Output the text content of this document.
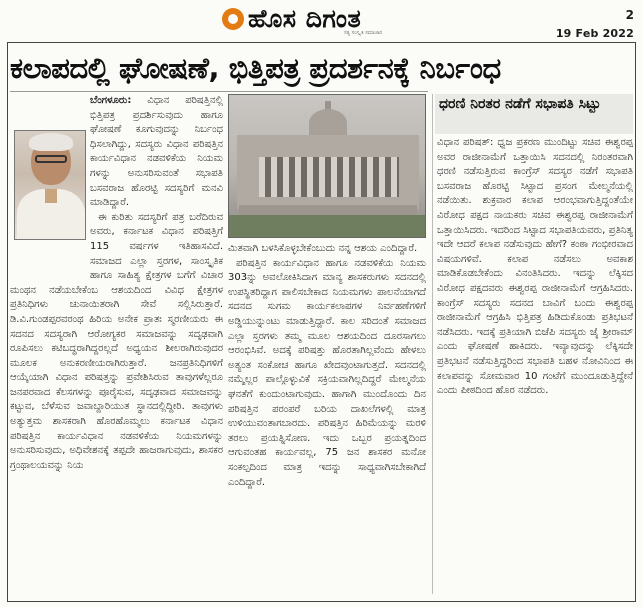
ಹೊಸ ದಿಗಂತ
ಸತ್ಯ ಸಂಸ್ಕೃತಿ ಸಮಾಚಾರ
2
19 Feb 2022
ಕಲಾಪದಲ್ಲಿ ಘೋಷಣೆ, ಭಿತ್ತಿಪತ್ರ ಪ್ರದರ್ಶನಕ್ಕೆ ನಿರ್ಬಂಧ

ಬೆಂಗಳೂರು: ವಿಧಾನ ಪರಿಷತ್ತಿನಲ್ಲಿ ಭಿತ್ತಿಪತ್ರ ಪ್ರದರ್ಶಿಸುವುದು ಹಾಗೂ ಘೋಷಣೆ ಕೂಗುವುದನ್ನು ನಿರ್ಬಂಧ ಧಿಸಲಾಗಿದ್ದು, ಸದಸ್ಯರು ವಿಧಾನ ಪರಿಷತ್ತಿನ ಕಾರ್ಯವಿಧಾನ ನಡವಳಿಕೆಯ ನಿಯಮ ಗಳನ್ನು ಅನುಸರಿಸುವಂತೆ ಸಭಾಪತಿ ಬಸವರಾಜ ಹೊರಟ್ಟಿ ಸದಸ್ಯರಿಗೆ ಮನವಿ ಮಾಡಿದ್ದಾರೆ.

ಈ ಕುರಿತು ಸದಸ್ಯರಿಗೆ ಪತ್ರ ಬರೆದಿರುವ ಅವರು, ಕರ್ನಾಟಕ ವಿಧಾನ ಪರಿಷತ್ತಿಗೆ 115 ವರ್ಷಗಳ ಇತಿಹಾಸವಿದೆ. ಸಮಾಜದ ಎಲ್ಲಾ ಸ್ತರಗಳ, ಸಾಂಸ್ಕೃತಿಕ ಹಾಗೂ ಸಾಹಿತ್ಯ ಕ್ಷೇತ್ರಗಳ ಬಗೆಗೆ ವಿಚಾರ ಮಂಥನ ನಡೆಯಬೇಕೆಂಬ ಆಶಯದಿಂದ ವಿವಿಧ ಕ್ಷೇತ್ರಗಳ ಪ್ರತಿನಿಧಿಗಳು ಚುನಾಯಿತರಾಗಿ ಸೇವೆ ಸಲ್ಲಿಸಿರುತ್ತಾರೆ. ಡಿ.ವಿ.ಗುಂಡಪ್ಪರವರಂಥ ಹಿರಿಯ ಅನೇಕ ಪ್ರಾತಃ ಸ್ಮರಣೀಯರು ಈ ಸದನದ ಸದಸ್ಯರಾಗಿ ಆರೋಗ್ಯಕರ ಸಮಾಜವನ್ನು ಸದೃಢವಾಗಿ ರೂಪಿಸಲು ಕಟಿಬದ್ಧರಾಗಿದ್ದರಲ್ಲದೆ ಅಧ್ಯಯನ ಶೀಲರಾಗಿರುವುದರ ಮೂಲಕ ಅನುಕರಣೀಯರಾಗಿರುತ್ತಾರೆ. ಜನಪ್ರತಿನಿಧಿಗಳಿಗೆ ಆಯ್ಕೆಯಾಗಿ ವಿಧಾನ ಪರಿಷತ್ತನ್ನು ಪ್ರವೇಶಿಸಿರುವ ತಾವುಗಳೆಲ್ಲರೂ ಜನಪರವಾದ ಕೆಲಸಗಳನ್ನು ಪೂರೈಸುವ, ಸದೃಢವಾದ ಸಮಾಜವನ್ನು ಕಟ್ಟುವ, ಬೆಳೆಸುವ ಜವಾಬ್ದಾರಿಯುತ ಸ್ಥಾನದಲ್ಲಿದ್ದೀರಿ. ತಾವುಗಳು ಅತ್ಯುತ್ತಮ ಶಾಸಕರಾಗಿ ಹೊರಹೊಮ್ಮಲು ಕರ್ನಾಟಕ ವಿಧಾನ ಪರಿಷತ್ತಿನ ಕಾರ್ಯವಿಧಾನ ನಡವಳಿಕೆಯ ನಿಯಮಗಳನ್ನು ಅನುಸರಿಸುವುದು, ಅಧಿವೇಶನಕ್ಕೆ ತಪ್ಪದೇ ಹಾಜರಾಗುವುದು, ಶಾಸಕರ ಗ್ರಂಥಾಲಯವನ್ನು ನಿಯ

ಮಿತವಾಗಿ ಬಳಸಿಕೊಳ್ಳಬೇಕೆಂಬುದು ನನ್ನ ಆಶಯ ಎಂದಿದ್ದಾರೆ.

ಪರಿಷತ್ತಿನ ಕಾರ್ಯವಿಧಾನ ಹಾಗೂ ನಡವಳಿಕೆಯ ನಿಯಮ 303ನ್ನು ಅವಲೋಕಿಸಿದಾಗ ಮಾನ್ಯ ಶಾಸಕರುಗಳು ಸದನದಲ್ಲಿ ಉಪಸ್ಥಿತರಿದ್ದಾಗ ಪಾಲಿಸಬೇಕಾದ ನಿಯಮಗಳು ಪಾಲನೆಯಾಗದೆ ಸದನದ ಸುಗಮ ಕಾರ್ಯಕಲಾಪಗಳ ನಿರ್ವಹಣೆಗಳಿಗೆ ಅಡ್ಡಿಯುನ್ನುಂಟು ಮಾಡುತ್ತಿದ್ದಾರೆ. ಕಾಲ ಸರಿದಂತೆ ಸಮಾಜದ ಎಲ್ಲಾ ಸ್ತರಗಳು ತಮ್ಮ ಮೂಲ ಆಶಯದಿಂದ ದೂರಸಾಗಲು ಆರಂಭಿಸಿವೆ. ಅದಕ್ಕೆ ಪರಿಷತ್ತು ಹೊರತಾಗಿಲ್ಲವೆಂದು ಹೇಳಲು ಅತ್ಯಂತ ಸಂಕೋಚ ಹಾಗೂ ಖೇದವುಂಟಾಗುತ್ತದೆ. ಸದನದಲ್ಲಿ ನಮ್ಮೆಲ್ಲರ ಪಾಲ್ಗೊಳ್ಳುವಿಕೆ ಸಕ್ರಿಯವಾಗಿಲ್ಲದಿದ್ದರೆ ಮೇಲ್ಮನೆಯ ಘನತೆಗೆ ಕುಂದುಂಟಾಗುವುದು. ಹಾಗಾಗಿ ಮುಂದೊಂದು ದಿನ ಪರಿಷತ್ತಿನ ಪರಂಪರೆ ಬರಿಯ ದಾಖಲೆಗಳಲ್ಲಿ ಮಾತ್ರ ಉಳಿಯುವಂತಾಗಬಾರದು. ಪರಿಷತ್ತಿನ ಹಿರಿಮೆಯನ್ನು ಮರಳಿ ತರಲು ಪ್ರಯತ್ನಿಸೋಣ. ಇದು ಒಬ್ಬರ ಪ್ರಯತ್ನದಿಂದ ಆಗುವಂತಹ ಕಾರ್ಯವಲ್ಲ, 75 ಜನ ಶಾಸಕರ ಮನೋ ಸಂಕಲ್ಪದಿಂದ ಮಾತ್ರ ಇದನ್ನು ಸಾಧ್ಯವಾಗಿಸಬೇಕಾಗಿದೆ ಎಂದಿದ್ದಾರೆ.

ಧರಣಿ ನಿರತರ ನಡೆಗೆ ಸಭಾಪತಿ ಸಿಟ್ಟು

ವಿಧಾನ ಪರಿಷತ್: ಧ್ವಜ ಪ್ರಕರಣ ಮುಂದಿಟ್ಟು ಸಚಿವ ಈಶ್ವರಪ್ಪ ಅವರ ರಾಜೀನಾಮೆಗೆ ಒತ್ತಾಯಿಸಿ ಸದನದಲ್ಲಿ ನಿರಂತರವಾಗಿ ಧರಣಿ ನಡೆಸುತ್ತಿರುವ ಕಾಂಗ್ರೆಸ್ ಸದಸ್ಯರ ನಡೆಗೆ ಸಭಾಪತಿ ಬಸವರಾಜ ಹೊರಟ್ಟಿ ಸಿಟ್ಟಾದ ಪ್ರಸಂಗ ಮೇಲ್ಮನೆಯಲ್ಲಿ ನಡೆಯಿತು. ಶುಕ್ರವಾರ ಕಲಾಪ ಆರಂಭವಾಗುತ್ತಿದ್ದಂತೆಯೇ ವಿರೋಧ ಪಕ್ಷದ ನಾಯಕರು ಸಚಿವ ಈಶ್ವರಪ್ಪ ರಾಜೀನಾಮೆಗೆ ಒತ್ತಾಯಿಸಿದರು. ಇದರಿಂದ ಸಿಟ್ಟಾದ ಸಭಾಪತಿಯವರು, ಪ್ರತಿನಿತ್ಯ ಇದೇ ಆದರೆ ಕಲಾಪ ನಡೆಸುವುದು ಹೇಗೆ? ಕಂಠಾ ಗಂಭೀರವಾದ ವಿಷಯಗಳಿವೆ. ಕಲಾಪ ನಡೆಸಲು ಅವಕಾಶ ಮಾಡಿಕೊಡಬೇಕೆಂದು ವಿನಂತಿಸಿದರು. ಇದನ್ನು ಲೆಕ್ಕಿಸದ ವಿರೋಧ ಪಕ್ಷದವರು ಈಶ್ವರಪ್ಪ ರಾಜೀನಾಮೆಗೆ ಆಗ್ರಹಿಸಿದರು. ಕಾಂಗ್ರೆಸ್ ಸದಸ್ಯರು ಸದನದ ಬಾವಿಗೆ ಬಂದು ಈಶ್ವರಪ್ಪ ರಾಜೀನಾಮೆಗೆ ಆಗ್ರಹಿಸಿ ಭಿತ್ತಿಪತ್ರ ಹಿಡಿದುಕೊಂಡು ಪ್ರತಿಭಟನೆ ನಡೆಸಿದರು. ಇದಕ್ಕೆ ಪ್ರತಿಯಾಗಿ ಬಿಜೆಪಿ ಸದಸ್ಯರು ಜೈ ಶ್ರೀರಾಮ್ ಎಂದು ಘೋಷಣೆ ಹಾಕಿದರು. ಇವ್ಯಾವುದನ್ನು ಲೆಕ್ಕಿಸದೇ ಪ್ರತಿಭಟನೆ ನಡೆಸುತ್ತಿದ್ದರಿಂದ ಸಭಾಪತಿ ಬಹಳ ನೋವಿನಿಂದ ಈ ಕಲಾಪವನ್ನು ಸೋಮವಾರ 10 ಗಂಟೆಗೆ ಮುಂದೂಡುತ್ತಿದ್ದೇನೆ ಎಂದು ಪೀಠದಿಂದ ಹೊರ ನಡೆದರು.
